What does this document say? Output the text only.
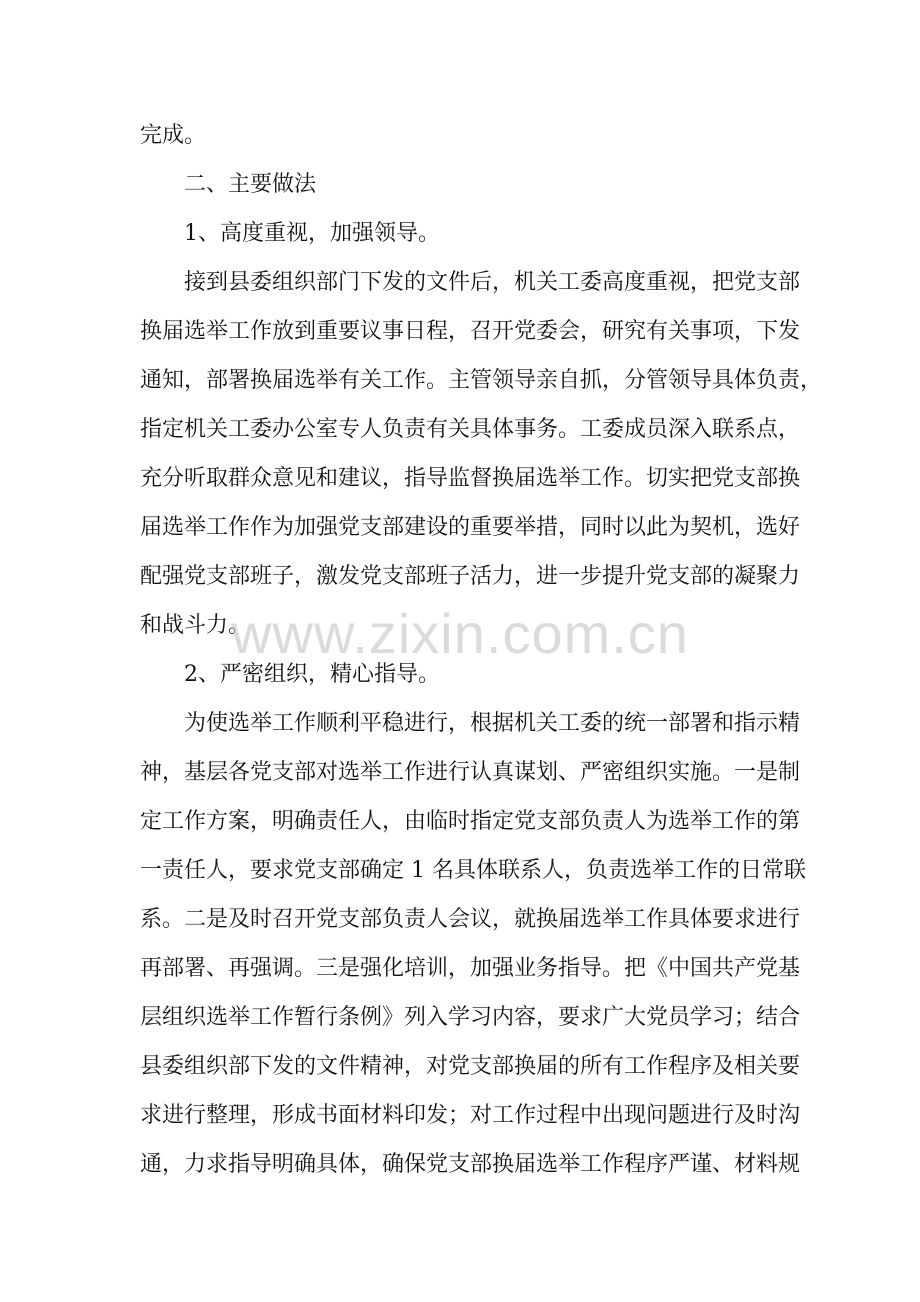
完成。
二、主要做法
1、高度重视，加强领导。
接到县委组织部门下发的文件后，机关工委高度重视，把党支部
换届选举工作放到重要议事日程，召开党委会，研究有关事项，下发
通知，部署换届选举有关工作。主管领导亲自抓，分管领导具体负责，
指定机关工委办公室专人负责有关具体事务。工委成员深入联系点，
充分听取群众意见和建议，指导监督换届选举工作。切实把党支部换
届选举工作作为加强党支部建设的重要举措，同时以此为契机，选好
配强党支部班子，激发党支部班子活力，进一步提升党支部的凝聚力
和战斗力。
2、严密组织，精心指导。
为使选举工作顺利平稳进行，根据机关工委的统一部署和指示精
神，基层各党支部对选举工作进行认真谋划、严密组织实施。一是制
定工作方案，明确责任人，由临时指定党支部负责人为选举工作的第
一责任人，要求党支部确定 1 名具体联系人，负责选举工作的日常联
系。二是及时召开党支部负责人会议，就换届选举工作具体要求进行
再部署、再强调。三是强化培训，加强业务指导。把《中国共产党基
层组织选举工作暂行条例》列入学习内容，要求广大党员学习；结合
县委组织部下发的文件精神，对党支部换届的所有工作程序及相关要
求进行整理，形成书面材料印发；对工作过程中出现问题进行及时沟
通，力求指导明确具体，确保党支部换届选举工作程序严谨、材料规
www.zixin.com.cn
